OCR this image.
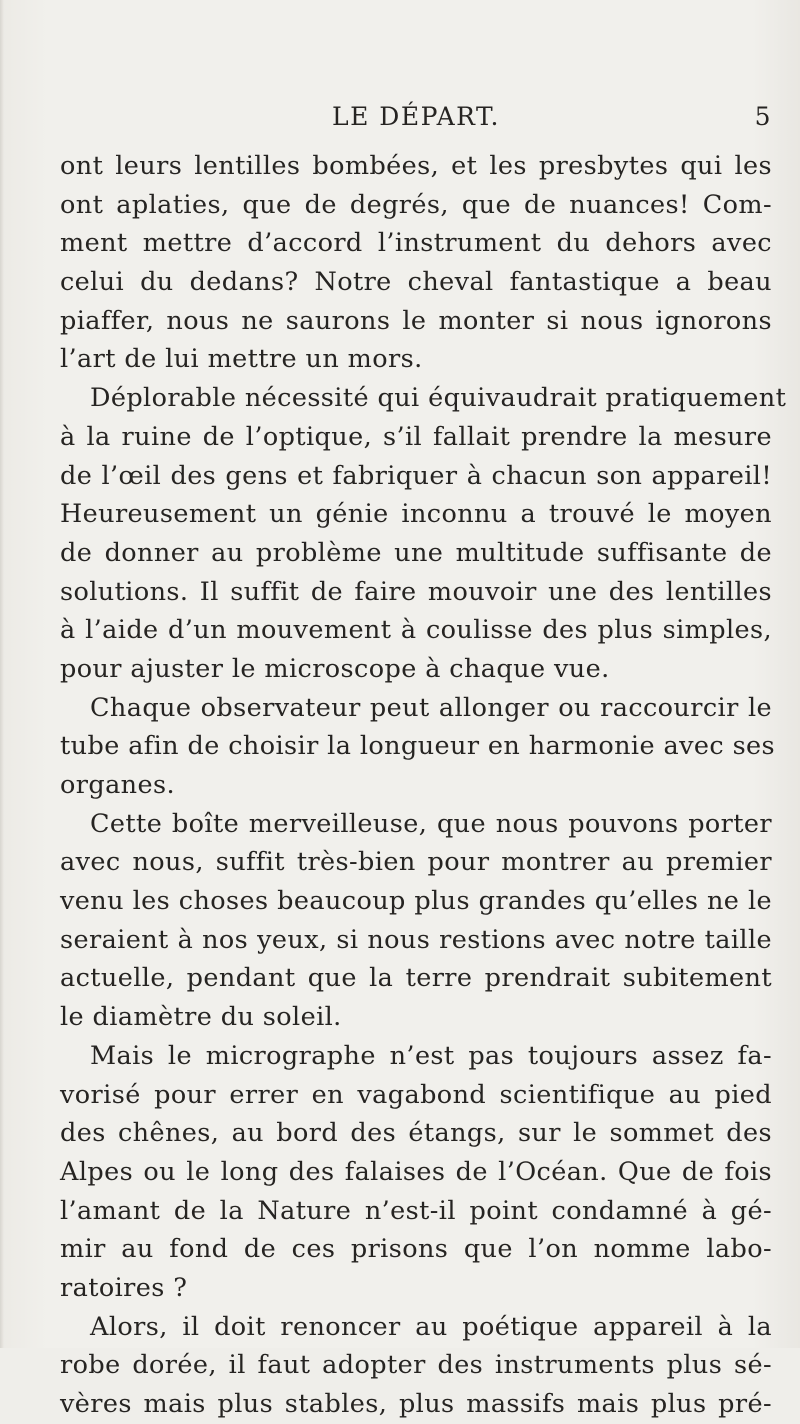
LE DÉPART.	5
ont leurs lentilles bombées, et les presbytes qui les
ont aplaties, que de degrés, que de nuances! Com-
ment mettre d’accord l’instrument du dehors avec
celui du dedans? Notre cheval fantastique a beau
piaffer, nous ne saurons le monter si nous ignorons
l’art de lui mettre un mors.
Déplorable nécessité qui équivaudrait pratiquement
à la ruine de l’optique, s’il fallait prendre la mesure
de l’œil des gens et fabriquer à chacun son appareil!
Heureusement un génie inconnu a trouvé le moyen
de donner au problème une multitude suffisante de
solutions. Il suffit de faire mouvoir une des lentilles
à l’aide d’un mouvement à coulisse des plus simples,
pour ajuster le microscope à chaque vue.
Chaque observateur peut allonger ou raccourcir le
tube afin de choisir la longueur en harmonie avec ses
organes.
Cette boîte merveilleuse, que nous pouvons porter
avec nous, suffit très-bien pour montrer au premier
venu les choses beaucoup plus grandes qu’elles ne le
seraient à nos yeux, si nous restions avec notre taille
actuelle, pendant que la terre prendrait subitement
le diamètre du soleil.
Mais le micrographe n’est pas toujours assez fa-
vorisé pour errer en vagabond scientifique au pied
des chênes, au bord des étangs, sur le sommet des
Alpes ou le long des falaises de l’Océan. Que de fois
l’amant de la Nature n’est-il point condamné à gé-
mir au fond de ces prisons que l’on nomme labo-
ratoires ?
Alors, il doit renoncer au poétique appareil à la
robe dorée, il faut adopter des instruments plus sé-
vères mais plus stables, plus massifs mais plus pré-
